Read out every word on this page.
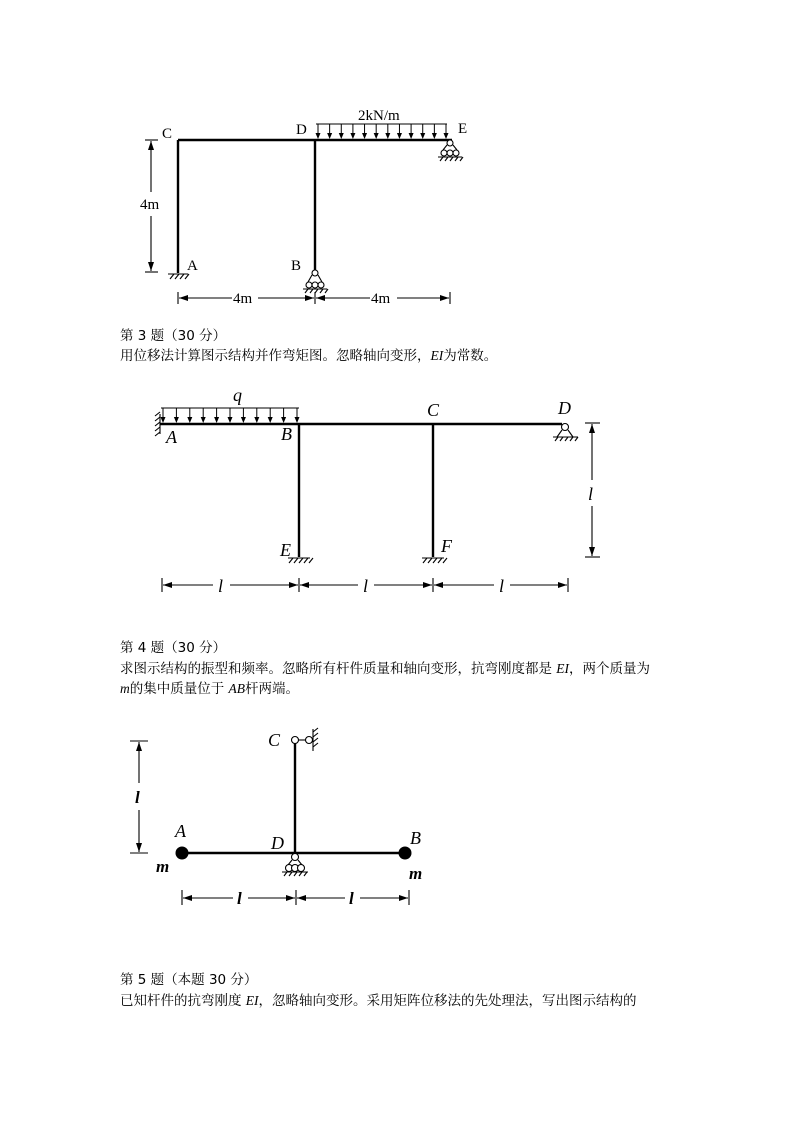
C	D	E
A	B
2kN/m
4m
4m	4m
第 3 题（30 分）
用位移法计算图示结构并作弯矩图。忽略轴向变形，EI为常数。
q
A	B
C	D
E	F
l	l	l
l
第 4 题（30 分）
求图示结构的振型和频率。忽略所有杆件质量和轴向变形，抗弯刚度都是 EI，两个质量为
m的集中质量位于 AB杆两端。
C
A
D	B
m	m
l
l	l
第 5 题（本题 30 分）
已知杆件的抗弯刚度 EI，忽略轴向变形。采用矩阵位移法的先处理法，写出图示结构的
